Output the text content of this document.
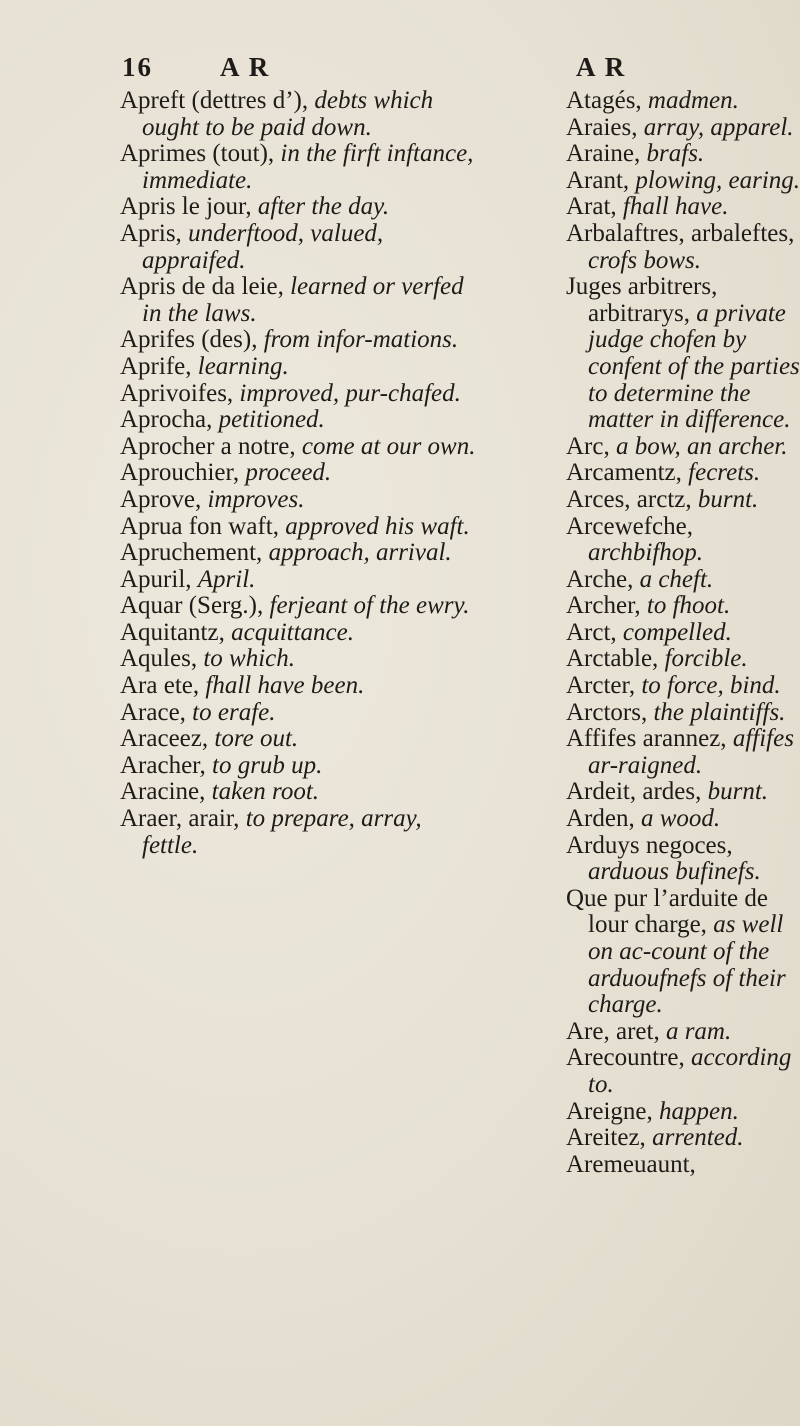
16 A R	A R

Apreft (dettres d’), debts which ought to be paid down.

Aprimes (tout), in the firft inftance, immediate.

Apris le jour, after the day.

Apris, underftood, valued, appraifed.

Apris de da leie, learned or verfed in the laws.

Aprifes (des), from infor-mations.

Aprife, learning.

Aprivoifes, improved, pur-chafed.

Aprocha, petitioned.

Aprocher a notre, come at our own.

Aprouchier, proceed.

Aprove, improves.

Aprua fon waft, approved his waft.

Apruchement, approach, arrival.

Apuril, April.

Aquar (Serg.), ferjeant of the ewry.

Aquitantz, acquittance.

Aqules, to which.

Ara ete, fhall have been.

Arace, to erafe.

Araceez, tore out.

Aracher, to grub up.

Aracine, taken root.

Araer, arair, to prepare, array, fettle.

Atagés, madmen.

Araies, array, apparel.

Araine, brafs.

Arant, plowing, earing.

Arat, fhall have.

Arbalaftres, arbaleftes, crofs bows.

Juges arbitrers, arbitrarys, a private judge chofen by confent of the parties to determine the matter in difference.

Arc, a bow, an archer.

Arcamentz, fecrets.

Arces, arctz, burnt.

Arcewefche, archbifhop.

Arche, a cheft.

Archer, to fhoot.

Arct, compelled.

Arctable, forcible.

Arcter, to force, bind.

Arctors, the plaintiffs.

Affifes arannez, affifes ar-raigned.

Ardeit, ardes, burnt.

Arden, a wood.

Arduys negoces, arduous bufinefs.

Que pur l’arduite de lour charge, as well on ac-count of the arduoufnefs of their charge.

Are, aret, a ram.

Arecountre, according to.

Areigne, happen.

Areitez, arrented.

Aremeuaunt,
